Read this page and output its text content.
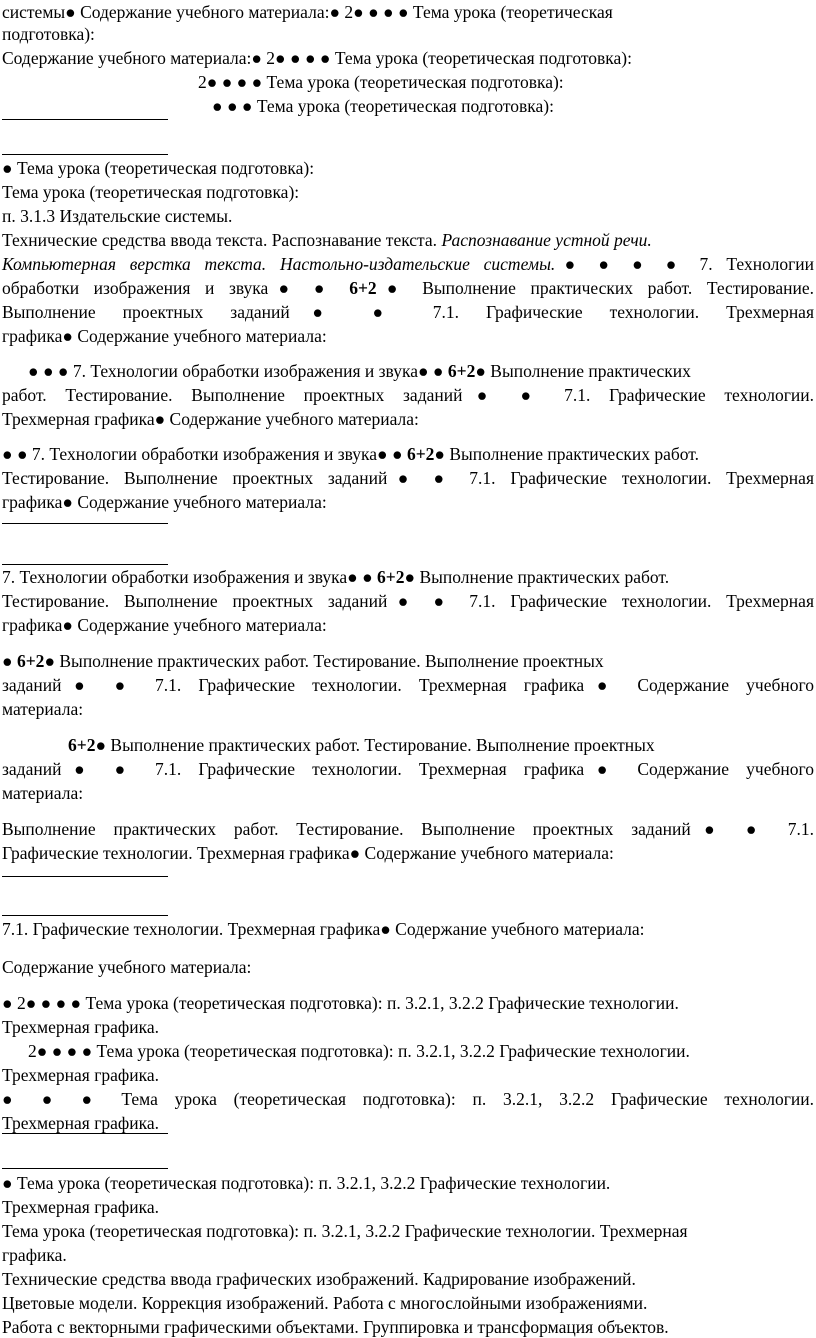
системы● Содержание учебного материала:● 2● ● ● ● Тема урока (теоретическая
подготовка):
Содержание учебного материала:● 2● ● ● ● Тема урока (теоретическая подготовка):
2● ● ● ● Тема урока (теоретическая подготовка):
● ● ● Тема урока (теоретическая подготовка):
● Тема урока (теоретическая подготовка):
Тема урока (теоретическая подготовка):
п. 3.1.3 Издательские системы.
Технические средства ввода текста. Распознавание текста. Распознавание устной речи.
Компьютерная верстка текста. Настольно-издательские системы.● ● ● ● 7. Технологии
обработки изображения и звука● ● 6+2● Выполнение практических работ. Тестирование.
Выполнение проектных заданий● ● 7.1. Графические технологии. Трехмерная
графика● Содержание учебного материала:
● ● ● 7. Технологии обработки изображения и звука● ● 6+2● Выполнение практических
работ. Тестирование. Выполнение проектных заданий● ● 7.1. Графические технологии.
Трехмерная графика● Содержание учебного материала:
● ● 7. Технологии обработки изображения и звука● ● 6+2● Выполнение практических работ.
Тестирование. Выполнение проектных заданий● ● 7.1. Графические технологии. Трехмерная
графика● Содержание учебного материала:
7. Технологии обработки изображения и звука● ● 6+2● Выполнение практических работ.
Тестирование. Выполнение проектных заданий● ● 7.1. Графические технологии. Трехмерная
графика● Содержание учебного материала:
● 6+2● Выполнение практических работ. Тестирование. Выполнение проектных
заданий● ● 7.1. Графические технологии. Трехмерная графика● Содержание учебного
материала:
6+2● Выполнение практических работ. Тестирование. Выполнение проектных
заданий● ● 7.1. Графические технологии. Трехмерная графика● Содержание учебного
материала:
Выполнение практических работ. Тестирование. Выполнение проектных заданий● ● 7.1.
Графические технологии. Трехмерная графика● Содержание учебного материала:
7.1. Графические технологии. Трехмерная графика● Содержание учебного материала:
Содержание учебного материала:
● 2● ● ● ● Тема урока (теоретическая подготовка): п. 3.2.1, 3.2.2 Графические технологии.
Трехмерная графика.
2● ● ● ● Тема урока (теоретическая подготовка): п. 3.2.1, 3.2.2 Графические технологии.
Трехмерная графика.
● ● ● Тема урока (теоретическая подготовка): п. 3.2.1, 3.2.2 Графические технологии.
Трехмерная графика.
● Тема урока (теоретическая подготовка): п. 3.2.1, 3.2.2 Графические технологии.
Трехмерная графика.
Тема урока (теоретическая подготовка): п. 3.2.1, 3.2.2 Графические технологии. Трехмерная
графика.
Технические средства ввода графических изображений. Кадрирование изображений.
Цветовые модели. Коррекция изображений. Работа с многослойными изображениями.
Работа с векторными графическими объектами. Группировка и трансформация объектов.
